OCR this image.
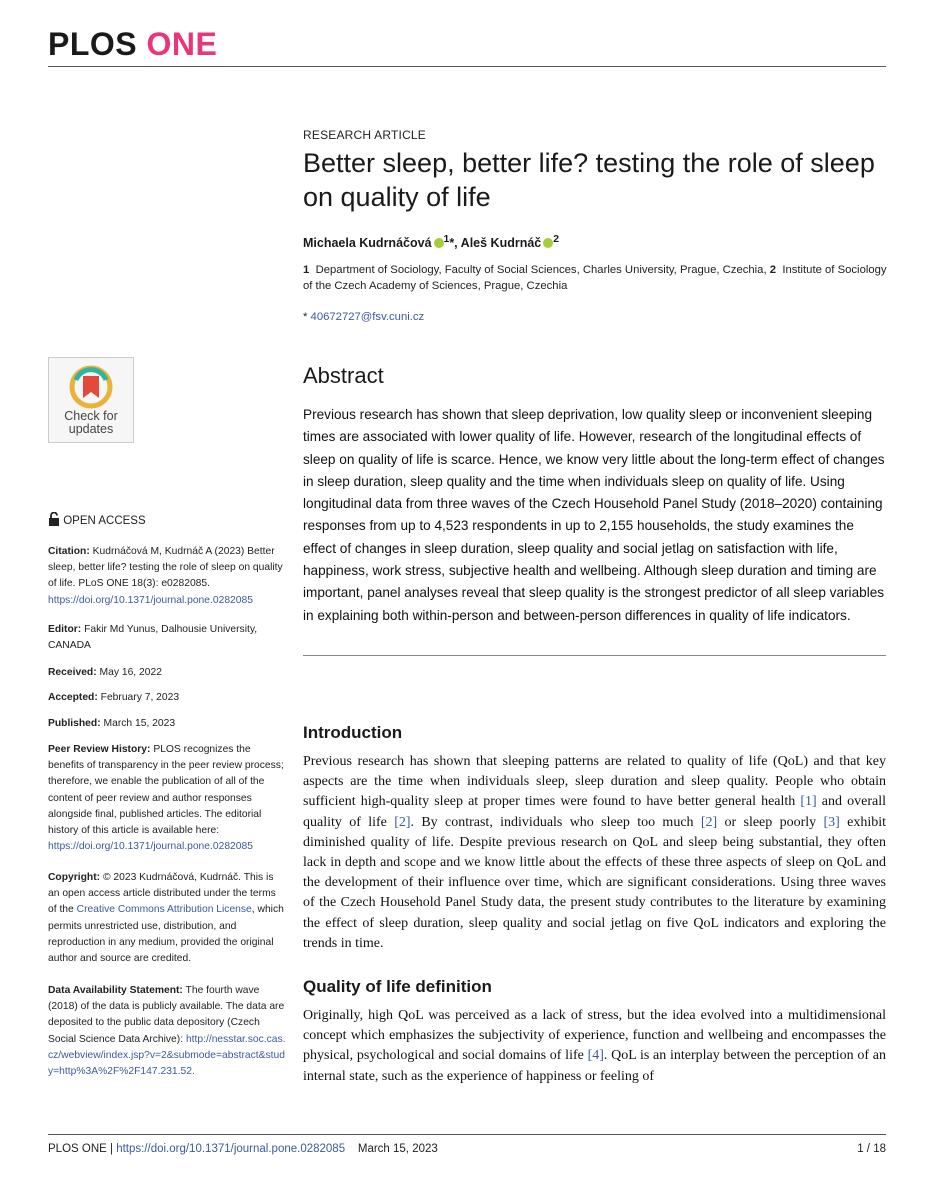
PLOS ONE
RESEARCH ARTICLE
Better sleep, better life? testing the role of sleep on quality of life
Michaela Kudrnáčová $^1$*, Aleš Kudrnáč $^2$
1 Department of Sociology, Faculty of Social Sciences, Charles University, Prague, Czechia, 2 Institute of Sociology of the Czech Academy of Sciences, Prague, Czechia
* 40672727@fsv.cuni.cz
Abstract
Previous research has shown that sleep deprivation, low quality sleep or inconvenient sleeping times are associated with lower quality of life. However, research of the longitudinal effects of sleep on quality of life is scarce. Hence, we know very little about the long-term effect of changes in sleep duration, sleep quality and the time when individuals sleep on quality of life. Using longitudinal data from three waves of the Czech Household Panel Study (2018–2020) containing responses from up to 4,523 respondents in up to 2,155 households, the study examines the effect of changes in sleep duration, sleep quality and social jetlag on satisfaction with life, happiness, work stress, subjective health and wellbeing. Although sleep duration and timing are important, panel analyses reveal that sleep quality is the strongest predictor of all sleep variables in explaining both within-person and between-person differences in quality of life indicators.
Introduction
Previous research has shown that sleeping patterns are related to quality of life (QoL) and that key aspects are the time when individuals sleep, sleep duration and sleep quality. People who obtain sufficient high-quality sleep at proper times were found to have better general health [1] and overall quality of life [2]. By contrast, individuals who sleep too much [2] or sleep poorly [3] exhibit diminished quality of life. Despite previous research on QoL and sleep being substantial, they often lack in depth and scope and we know little about the effects of these three aspects of sleep on QoL and the development of their influence over time, which are significant considerations. Using three waves of the Czech Household Panel Study data, the present study contributes to the literature by examining the effect of sleep duration, sleep quality and social jetlag on five QoL indicators and exploring the trends in time.
Quality of life definition
Originally, high QoL was perceived as a lack of stress, but the idea evolved into a multidimensional concept which emphasizes the subjectivity of experience, function and wellbeing and encompasses the physical, psychological and social domains of life [4]. QoL is an interplay between the perception of an internal state, such as the experience of happiness or feeling of
Check for
updates
OPEN ACCESS
Citation: Kudrnáčová M, Kudrnáč A (2023) Better sleep, better life? testing the role of sleep on quality of life. PLoS ONE 18(3): e0282085. https://doi.org/10.1371/journal.pone.0282085
Editor: Fakir Md Yunus, Dalhousie University, CANADA
Received: May 16, 2022
Accepted: February 7, 2023
Published: March 15, 2023
Peer Review History: PLOS recognizes the benefits of transparency in the peer review process; therefore, we enable the publication of all of the content of peer review and author responses alongside final, published articles. The editorial history of this article is available here: https://doi.org/10.1371/journal.pone.0282085
Copyright: © 2023 Kudrnáčová, Kudrnáč. This is an open access article distributed under the terms of the Creative Commons Attribution License, which permits unrestricted use, distribution, and reproduction in any medium, provided the original author and source are credited.
Data Availability Statement: The fourth wave (2018) of the data is publicly available. The data are deposited to the public data depository (Czech Social Science Data Archive): http://nesstar.soc.cas.cz/webview/index.jsp?v=2&submode=abstract&study=http%3A%2F%2F147.231.52.
PLOS ONE | https://doi.org/10.1371/journal.pone.0282085 March 15, 2023	1 / 18
